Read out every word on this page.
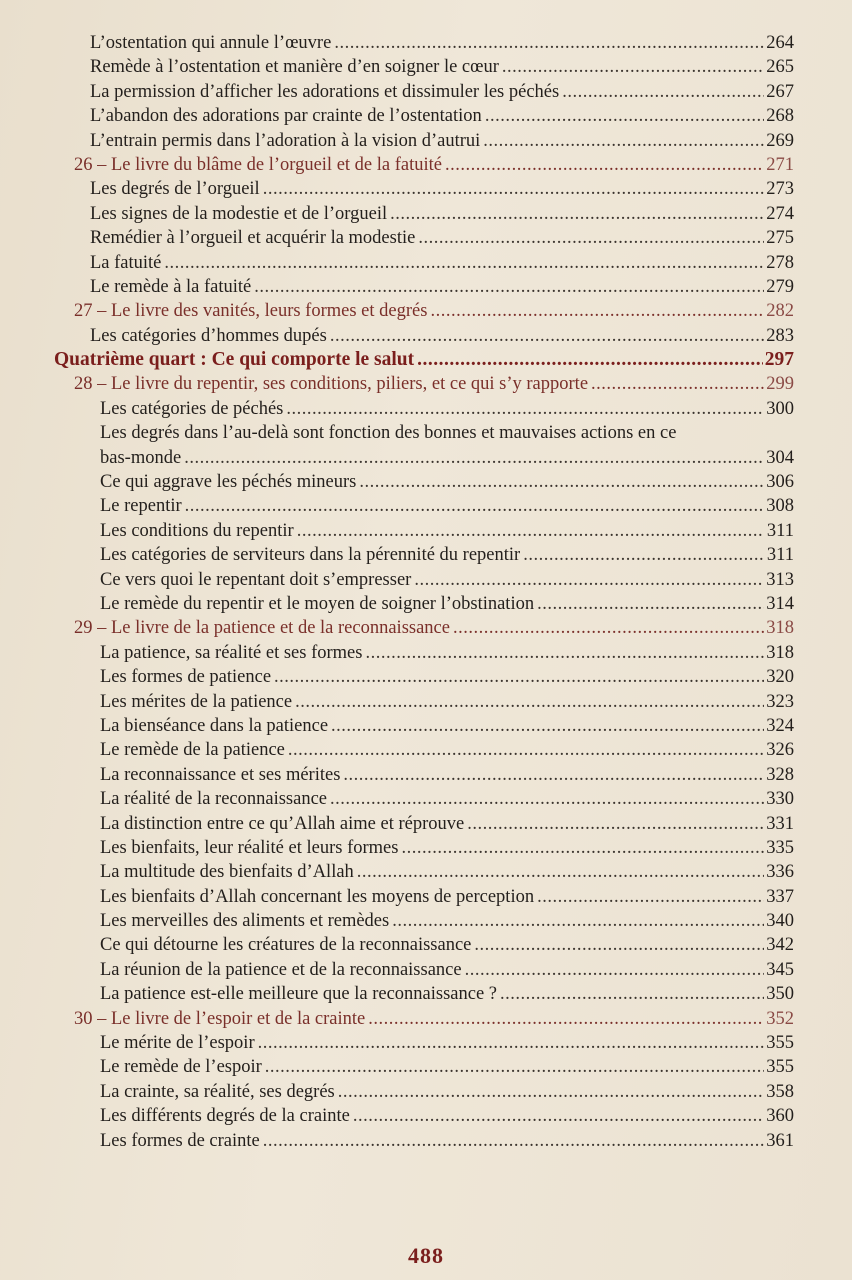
L’ostentation qui annule l’œuvre .....	264
Remède à l’ostentation et manière d’en soigner le cœur .....	265
La permission d’afficher les adorations et dissimuler les péchés .....	267
L’abandon des adorations par crainte de l’ostentation .....	268
L’entrain permis dans l’adoration à la vision d’autrui .....	269
26 – Le livre du blâme de l’orgueil et de la fatuité .....	271
Les degrés de l’orgueil .....	273
Les signes de la modestie et de l’orgueil .....	274
Remédier à l’orgueil et acquérir la modestie .....	275
La fatuité .....	278
Le remède à la fatuité .....	279
27 – Le livre des vanités, leurs formes et degrés .....	282
Les catégories d’hommes dupés .....	283
Quatrième quart : Ce qui comporte le salut .....	297
28 – Le livre du repentir, ses conditions, piliers, et ce qui s’y rapporte .....	299
Les catégories de péchés .....	300
Les degrés dans l’au-delà sont fonction des bonnes et mauvaises actions en ce
bas-monde .....	304
Ce qui aggrave les péchés mineurs .....	306
Le repentir .....	308
Les conditions du repentir .....	311
Les catégories de serviteurs dans la pérennité du repentir .....	311
Ce vers quoi le repentant doit s’empresser .....	313
Le remède du repentir et le moyen de soigner l’obstination .....	314
29 – Le livre de la patience et de la reconnaissance .....	318
La patience, sa réalité et ses formes .....	318
Les formes de patience .....	320
Les mérites de la patience .....	323
La bienséance dans la patience .....	324
Le remède de la patience .....	326
La reconnaissance et ses mérites .....	328
La réalité de la reconnaissance .....	330
La distinction entre ce qu’Allah aime et réprouve .....	331
Les bienfaits, leur réalité et leurs formes .....	335
La multitude des bienfaits d’Allah .....	336
Les bienfaits d’Allah concernant les moyens de perception .....	337
Les merveilles des aliments et remèdes .....	340
Ce qui détourne les créatures de la reconnaissance .....	342
La réunion de la patience et de la reconnaissance .....	345
La patience est-elle meilleure que la reconnaissance ? .....	350
30 – Le livre de l’espoir et de la crainte .....	352
Le mérite de l’espoir .....	355
Le remède de l’espoir .....	355
La crainte, sa réalité, ses degrés .....	358
Les différents degrés de la crainte .....	360
Les formes de crainte .....	361
488
